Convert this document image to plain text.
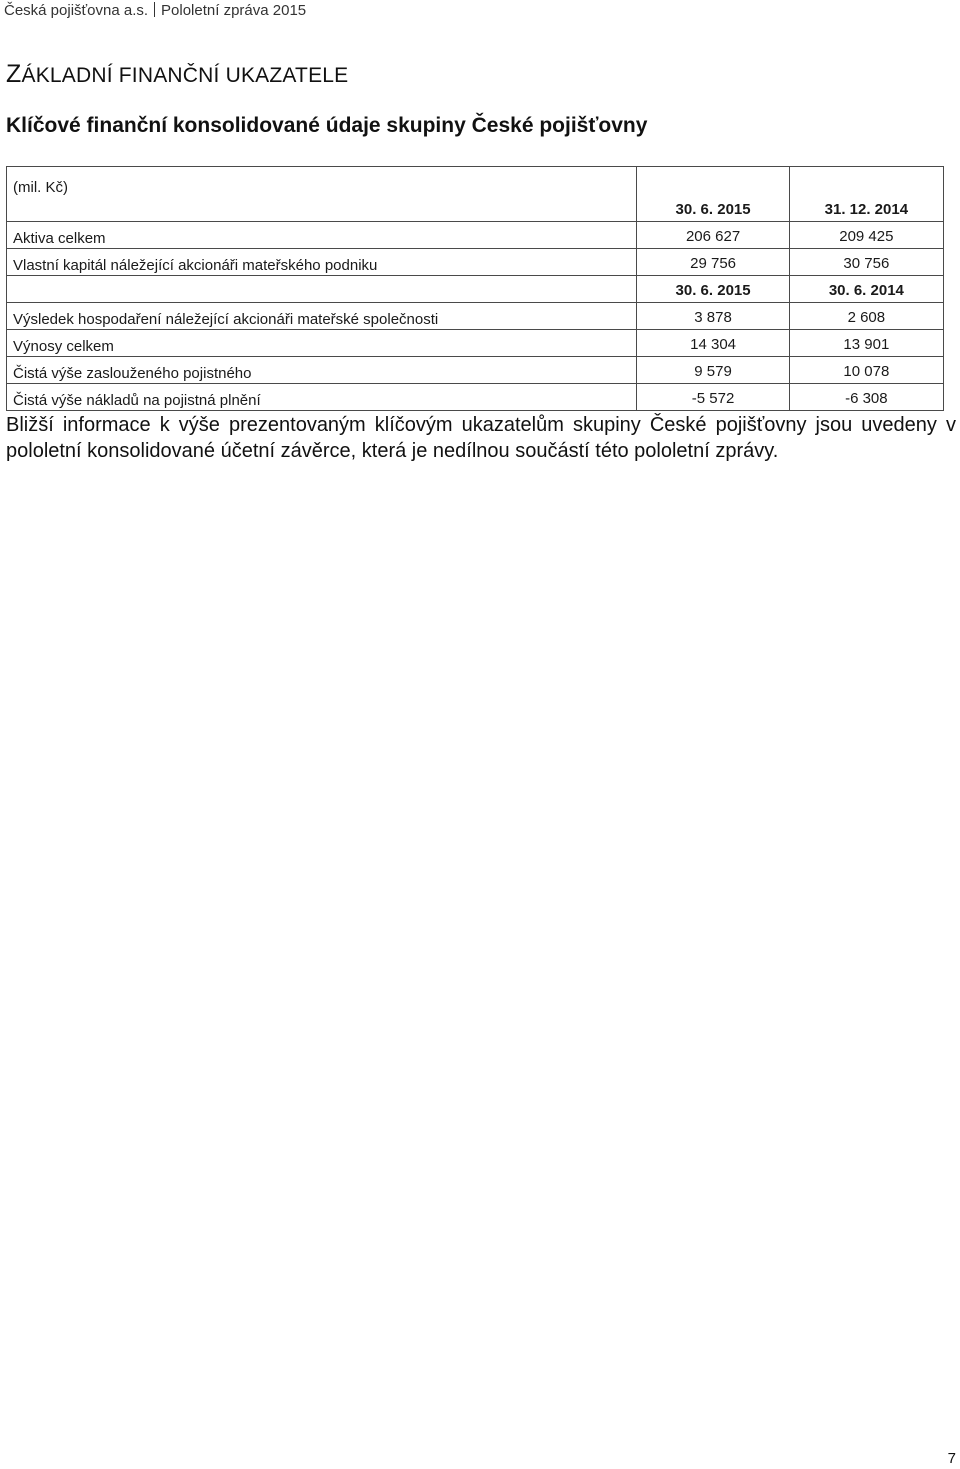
Česká pojišťovna a.s. Pololetní zpráva 2015
ZÁKLADNÍ FINANČNÍ UKAZATELE
Klíčové finanční konsolidované údaje skupiny České pojišťovny
(mil. Kč)	30. 6. 2015	31. 12. 2014
Aktiva celkem	206 627	209 425
Vlastní kapitál náležející akcionáři mateřského podniku	29 756	30 756
	30. 6. 2015	30. 6. 2014
Výsledek hospodaření náležející akcionáři mateřské společnosti	3 878	2 608
Výnosy celkem	14 304	13 901
Čistá výše zaslouženého pojistného	9 579	10 078
Čistá výše nákladů na pojistná plnění	-5 572	-6 308

Bližší informace k výše prezentovaným klíčovým ukazatelům skupiny České pojišťovny jsou uvedeny v pololetní konsolidované účetní závěrce, která je nedílnou součástí této pololetní zprávy.

7
